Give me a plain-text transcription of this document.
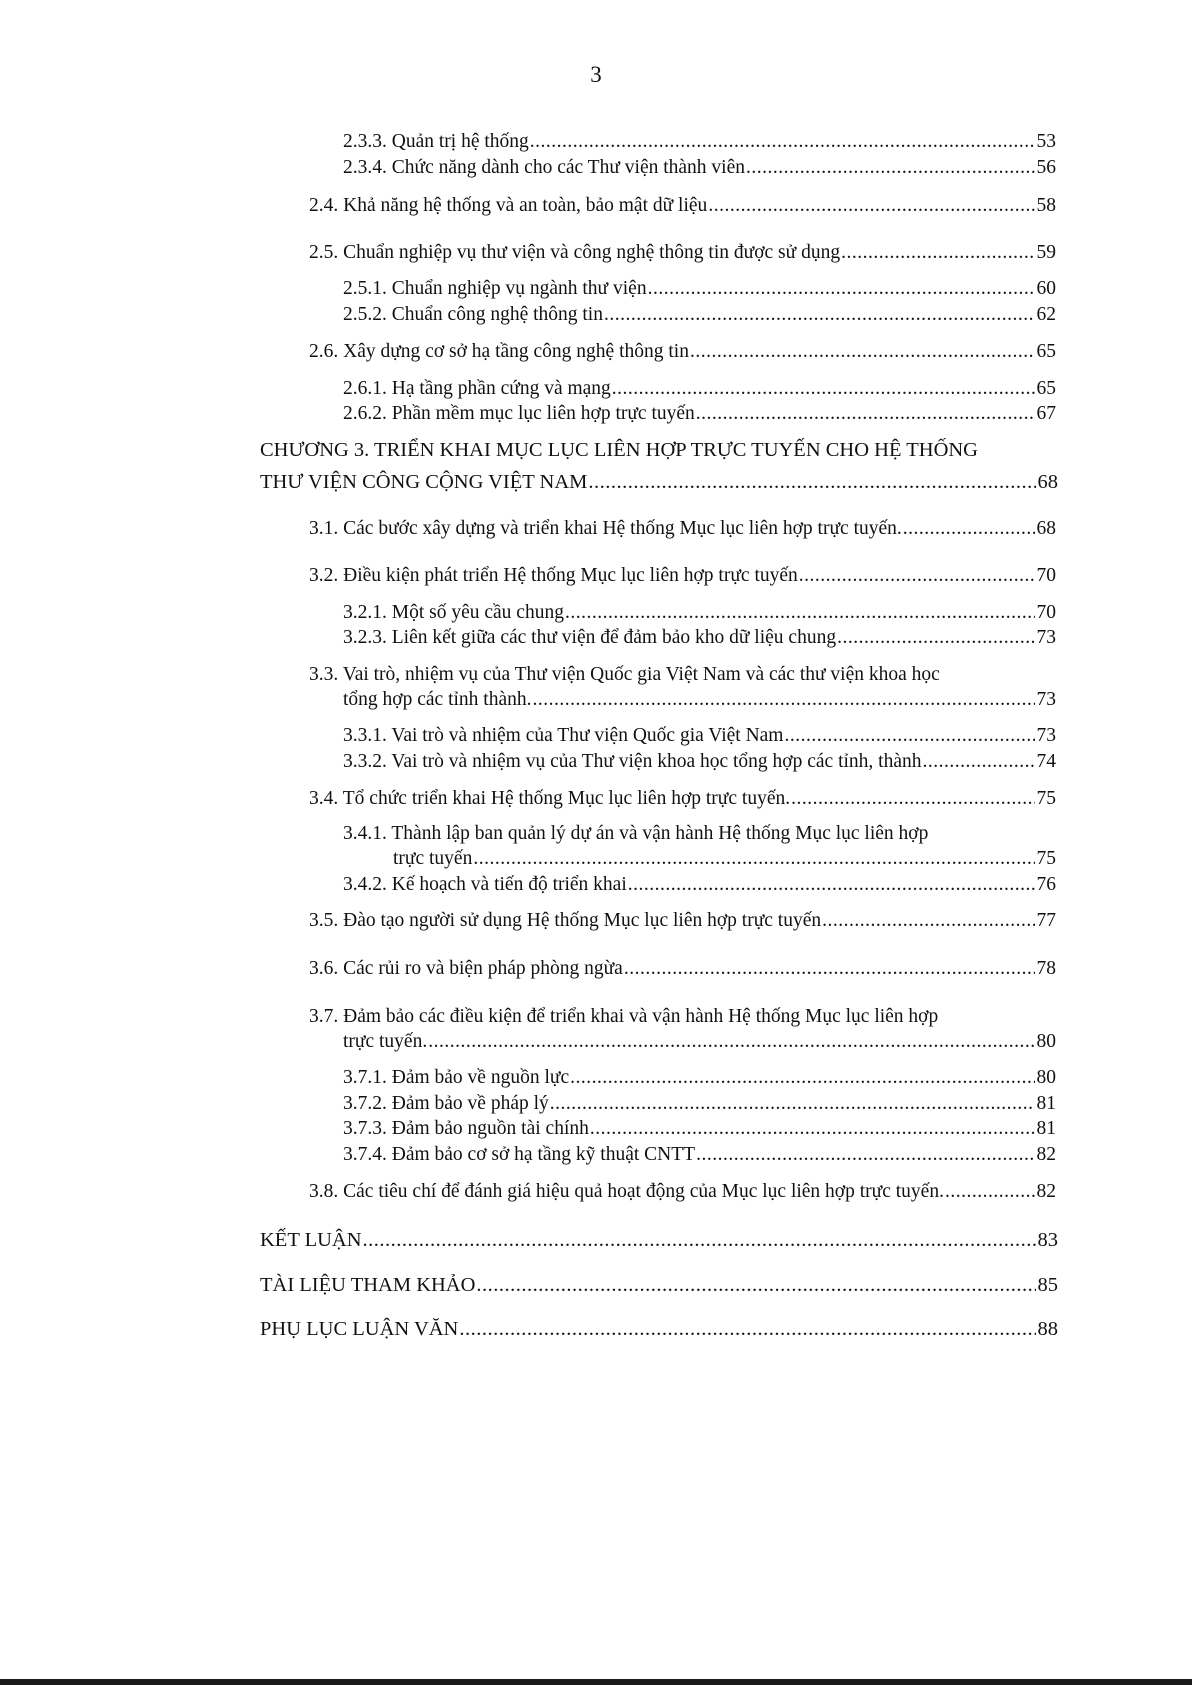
3
2.3.3. Quản trị hệ thống .....	53
2.3.4. Chức năng dành cho các Thư viện thành viên .....	56
2.4. Khả năng hệ thống và an toàn, bảo mật dữ liệu .....	58
2.5. Chuẩn nghiệp vụ thư viện và công nghệ thông tin được sử dụng .....	59
2.5.1. Chuẩn nghiệp vụ ngành thư viện .....	60
2.5.2. Chuẩn công nghệ thông tin .....	62
2.6. Xây dựng cơ sở hạ tầng công nghệ thông tin .....	65
2.6.1. Hạ tầng phần cứng và mạng .....	65
2.6.2. Phần mềm mục lục liên hợp trực tuyến .....	67
CHƯƠNG 3. TRIỂN KHAI MỤC LỤC LIÊN HỢP TRỰC TUYẾN CHO HỆ THỐNG
THƯ VIỆN CÔNG CỘNG VIỆT NAM .....	68
3.1. Các bước xây dựng và triển khai Hệ thống Mục lục liên hợp trực tuyến. .....	68
3.2. Điều kiện phát triển Hệ thống Mục lục liên hợp trực tuyến .....	70
3.2.1. Một số yêu cầu chung .....	70
3.2.3. Liên kết giữa các thư viện để đảm bảo kho dữ liệu chung .....	73
3.3. Vai trò, nhiệm vụ của Thư viện Quốc gia Việt Nam và các thư viện khoa học
tổng hợp các tỉnh thành. .....	73
3.3.1. Vai trò và nhiệm của Thư viện Quốc gia Việt Nam .....	73
3.3.2. Vai trò và nhiệm vụ của Thư viện khoa học tổng hợp các tỉnh, thành .....	74
3.4. Tổ chức triển khai Hệ thống Mục lục liên hợp trực tuyến. .....	75
3.4.1. Thành lập ban quản lý dự án và vận hành Hệ thống Mục lục liên hợp
trực tuyến .....	75
3.4.2. Kế hoạch và tiến độ triển khai .....	76
3.5. Đào tạo người sử dụng Hệ thống Mục lục liên hợp trực tuyến .....	77
3.6. Các rủi ro và biện pháp phòng ngừa .....	78
3.7. Đảm bảo các điều kiện để triển khai và vận hành Hệ thống Mục lục liên hợp
trực tuyến. .....	80
3.7.1. Đảm bảo về nguồn lực .....	80
3.7.2. Đảm bảo về pháp lý .....	81
3.7.3. Đảm bảo nguồn tài chính .....	81
3.7.4. Đảm bảo cơ sở hạ tầng kỹ thuật CNTT .....	82
3.8. Các tiêu chí để đánh giá hiệu quả hoạt động của Mục lục liên hợp trực tuyến. .....	82
KẾT LUẬN .....	83
TÀI LIỆU THAM KHẢO .....	85
PHỤ LỤC LUẬN VĂN .....	88
